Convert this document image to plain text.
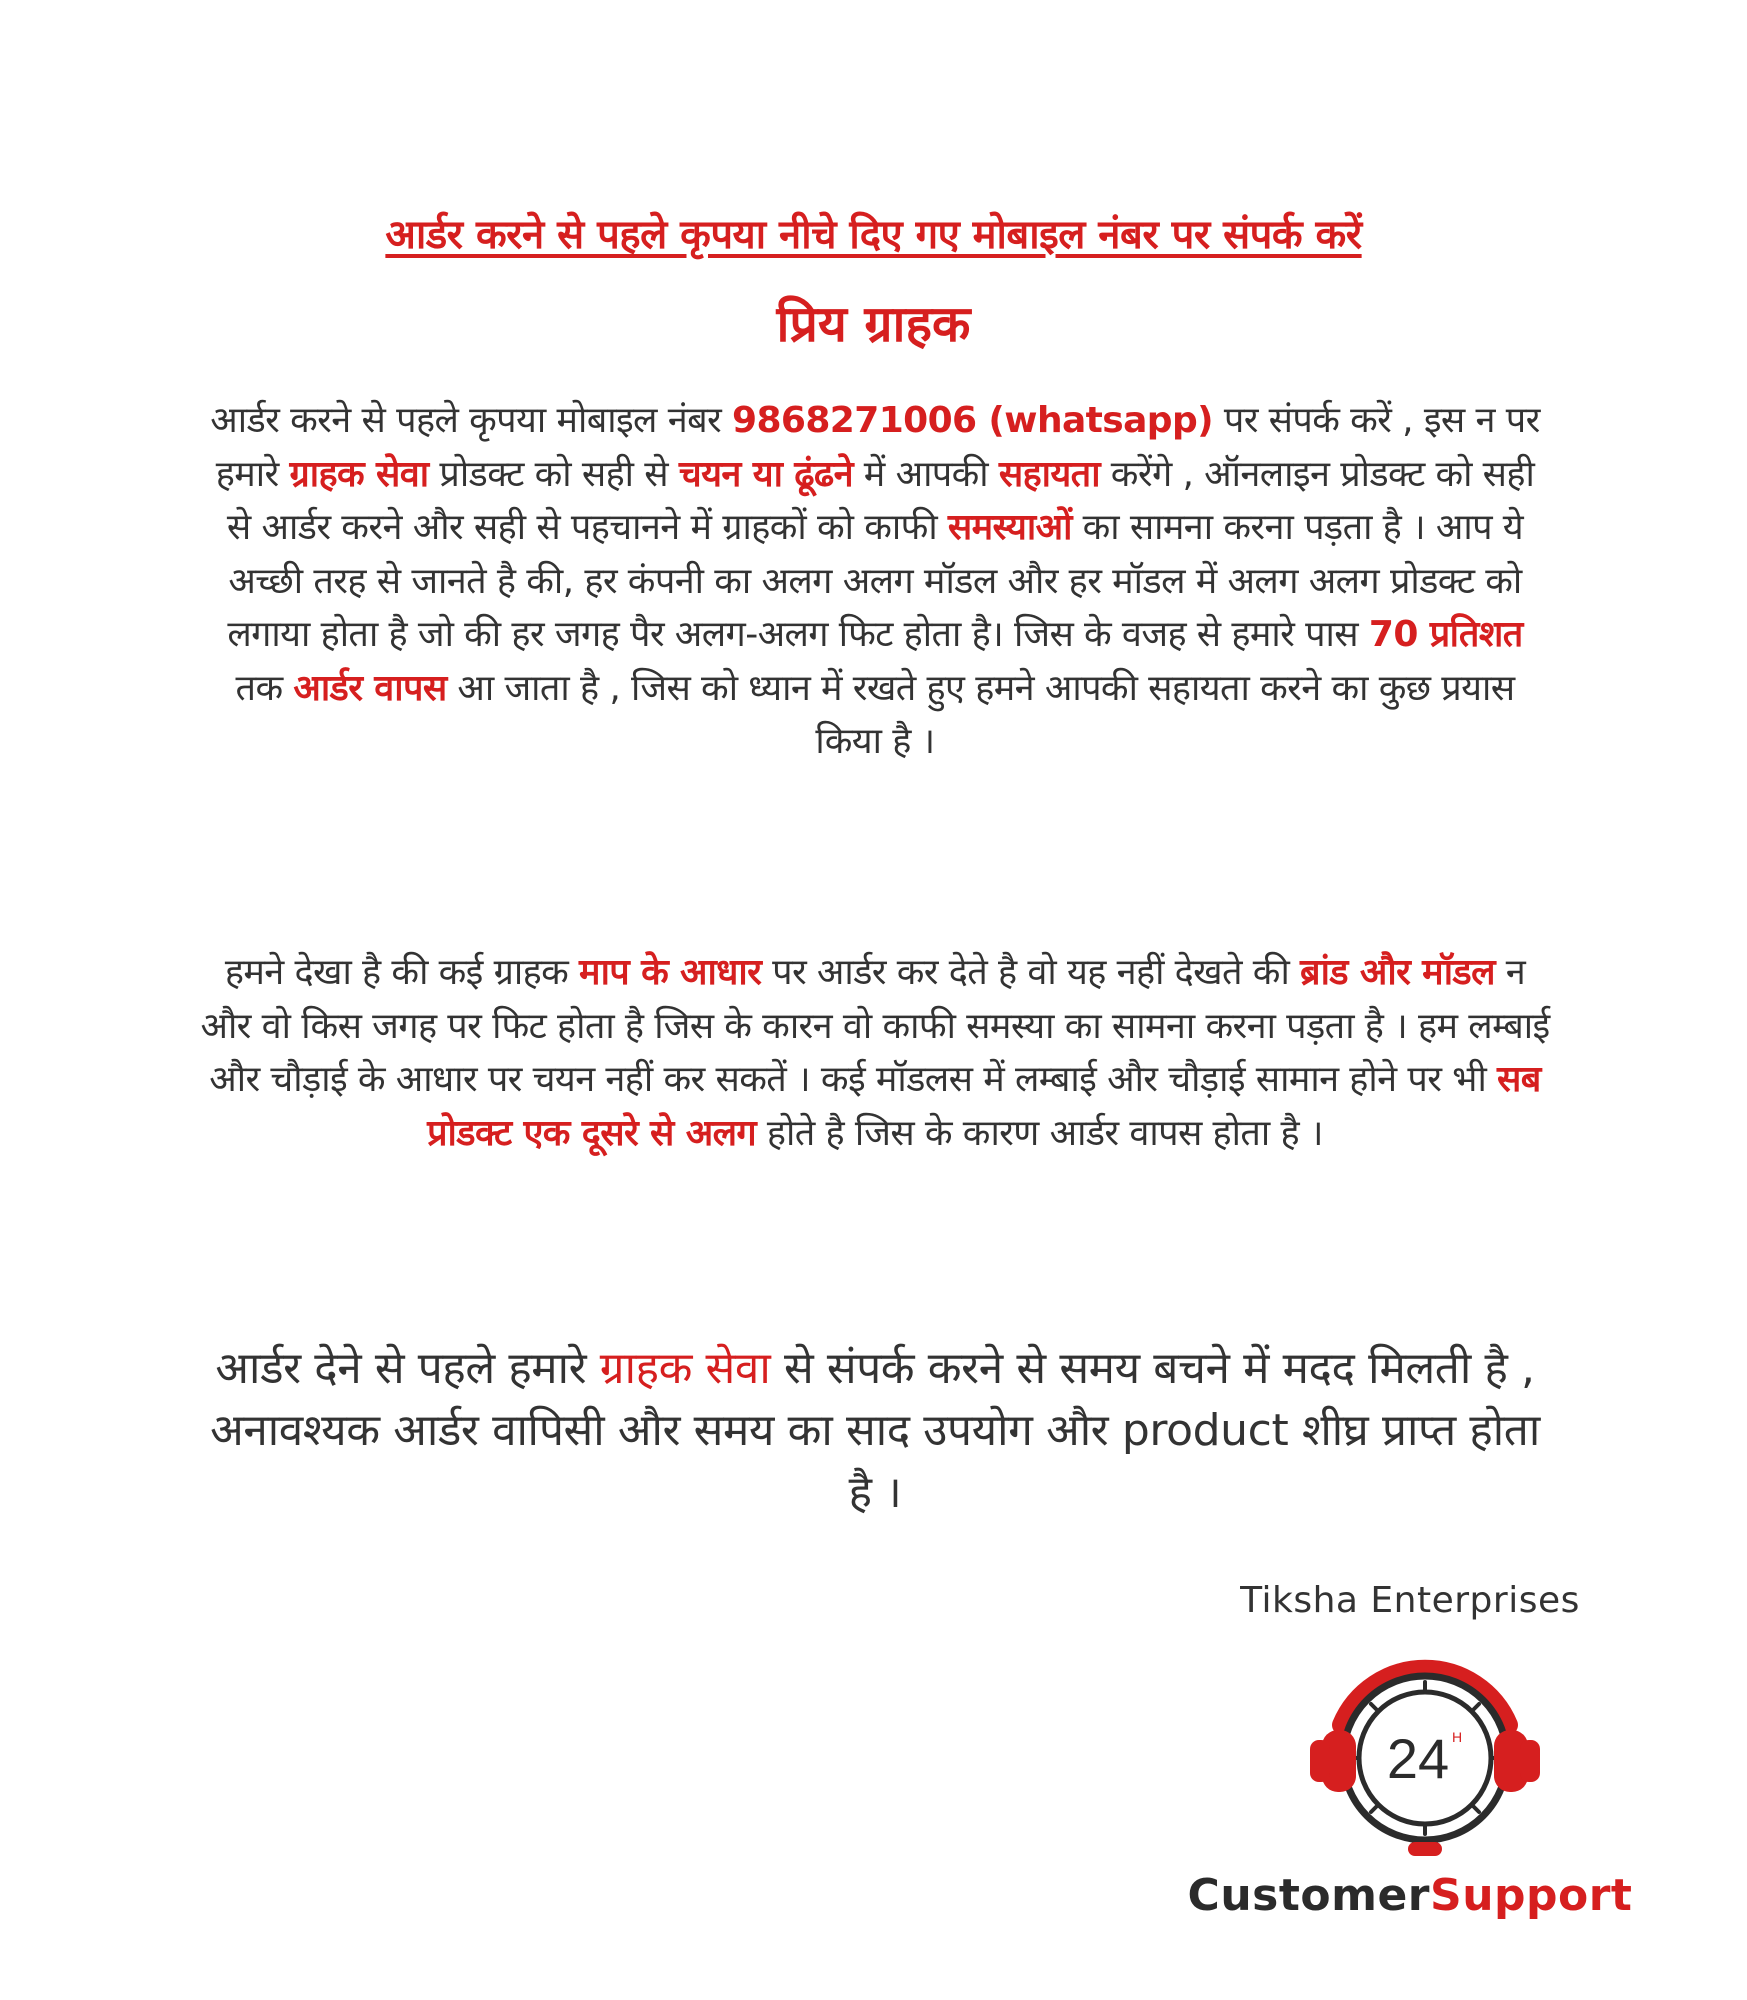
आर्डर करने से पहले कृपया नीचे दिए गए मोबाइल नंबर पर संपर्क करें
प्रिय ग्राहक
आर्डर करने से पहले कृपया मोबाइल नंबर 9868271006 (whatsapp) पर संपर्क करें , इस न पर हमारे ग्राहक सेवा प्रोडक्ट को सही से चयन या ढूंढने में आपकी सहायता करेंगे , ऑनलाइन प्रोडक्ट को सही से आर्डर करने और सही से पहचानने में ग्राहकों को काफी समस्याओं का सामना करना पड़ता है । आप ये अच्छी तरह से जानते है की, हर कंपनी का अलग अलग मॉडल और हर मॉडल में अलग अलग प्रोडक्ट को लगाया होता है जो की हर जगह पैर अलग-अलग फिट होता है। जिस के वजह से हमारे पास 70 प्रतिशत तक आर्डर वापस आ जाता है , जिस को ध्यान में रखते हुए हमने आपकी सहायता करने का कुछ प्रयास किया है ।
हमने देखा है की कई ग्राहक माप के आधार पर आर्डर कर देते है वो यह नहीं देखते की ब्रांड और मॉडल न और वो किस जगह पर फिट होता है जिस के कारन वो काफी समस्या का सामना करना पड़ता है । हम लम्बाई और चौड़ाई के आधार पर चयन नहीं कर सकतें । कई मॉडलस में लम्बाई और चौड़ाई सामान होने पर भी सब प्रोडक्ट एक दूसरे से अलग होते है जिस के कारण आर्डर वापस होता है ।
आर्डर देने से पहले हमारे ग्राहक सेवा से संपर्क करने से समय बचने में मदद मिलती है , अनावश्यक आर्डर वापिसी और समय का साद उपयोग और product शीघ्र प्राप्त होता है ।
Tiksha Enterprises
24 H
CustomerSupport
